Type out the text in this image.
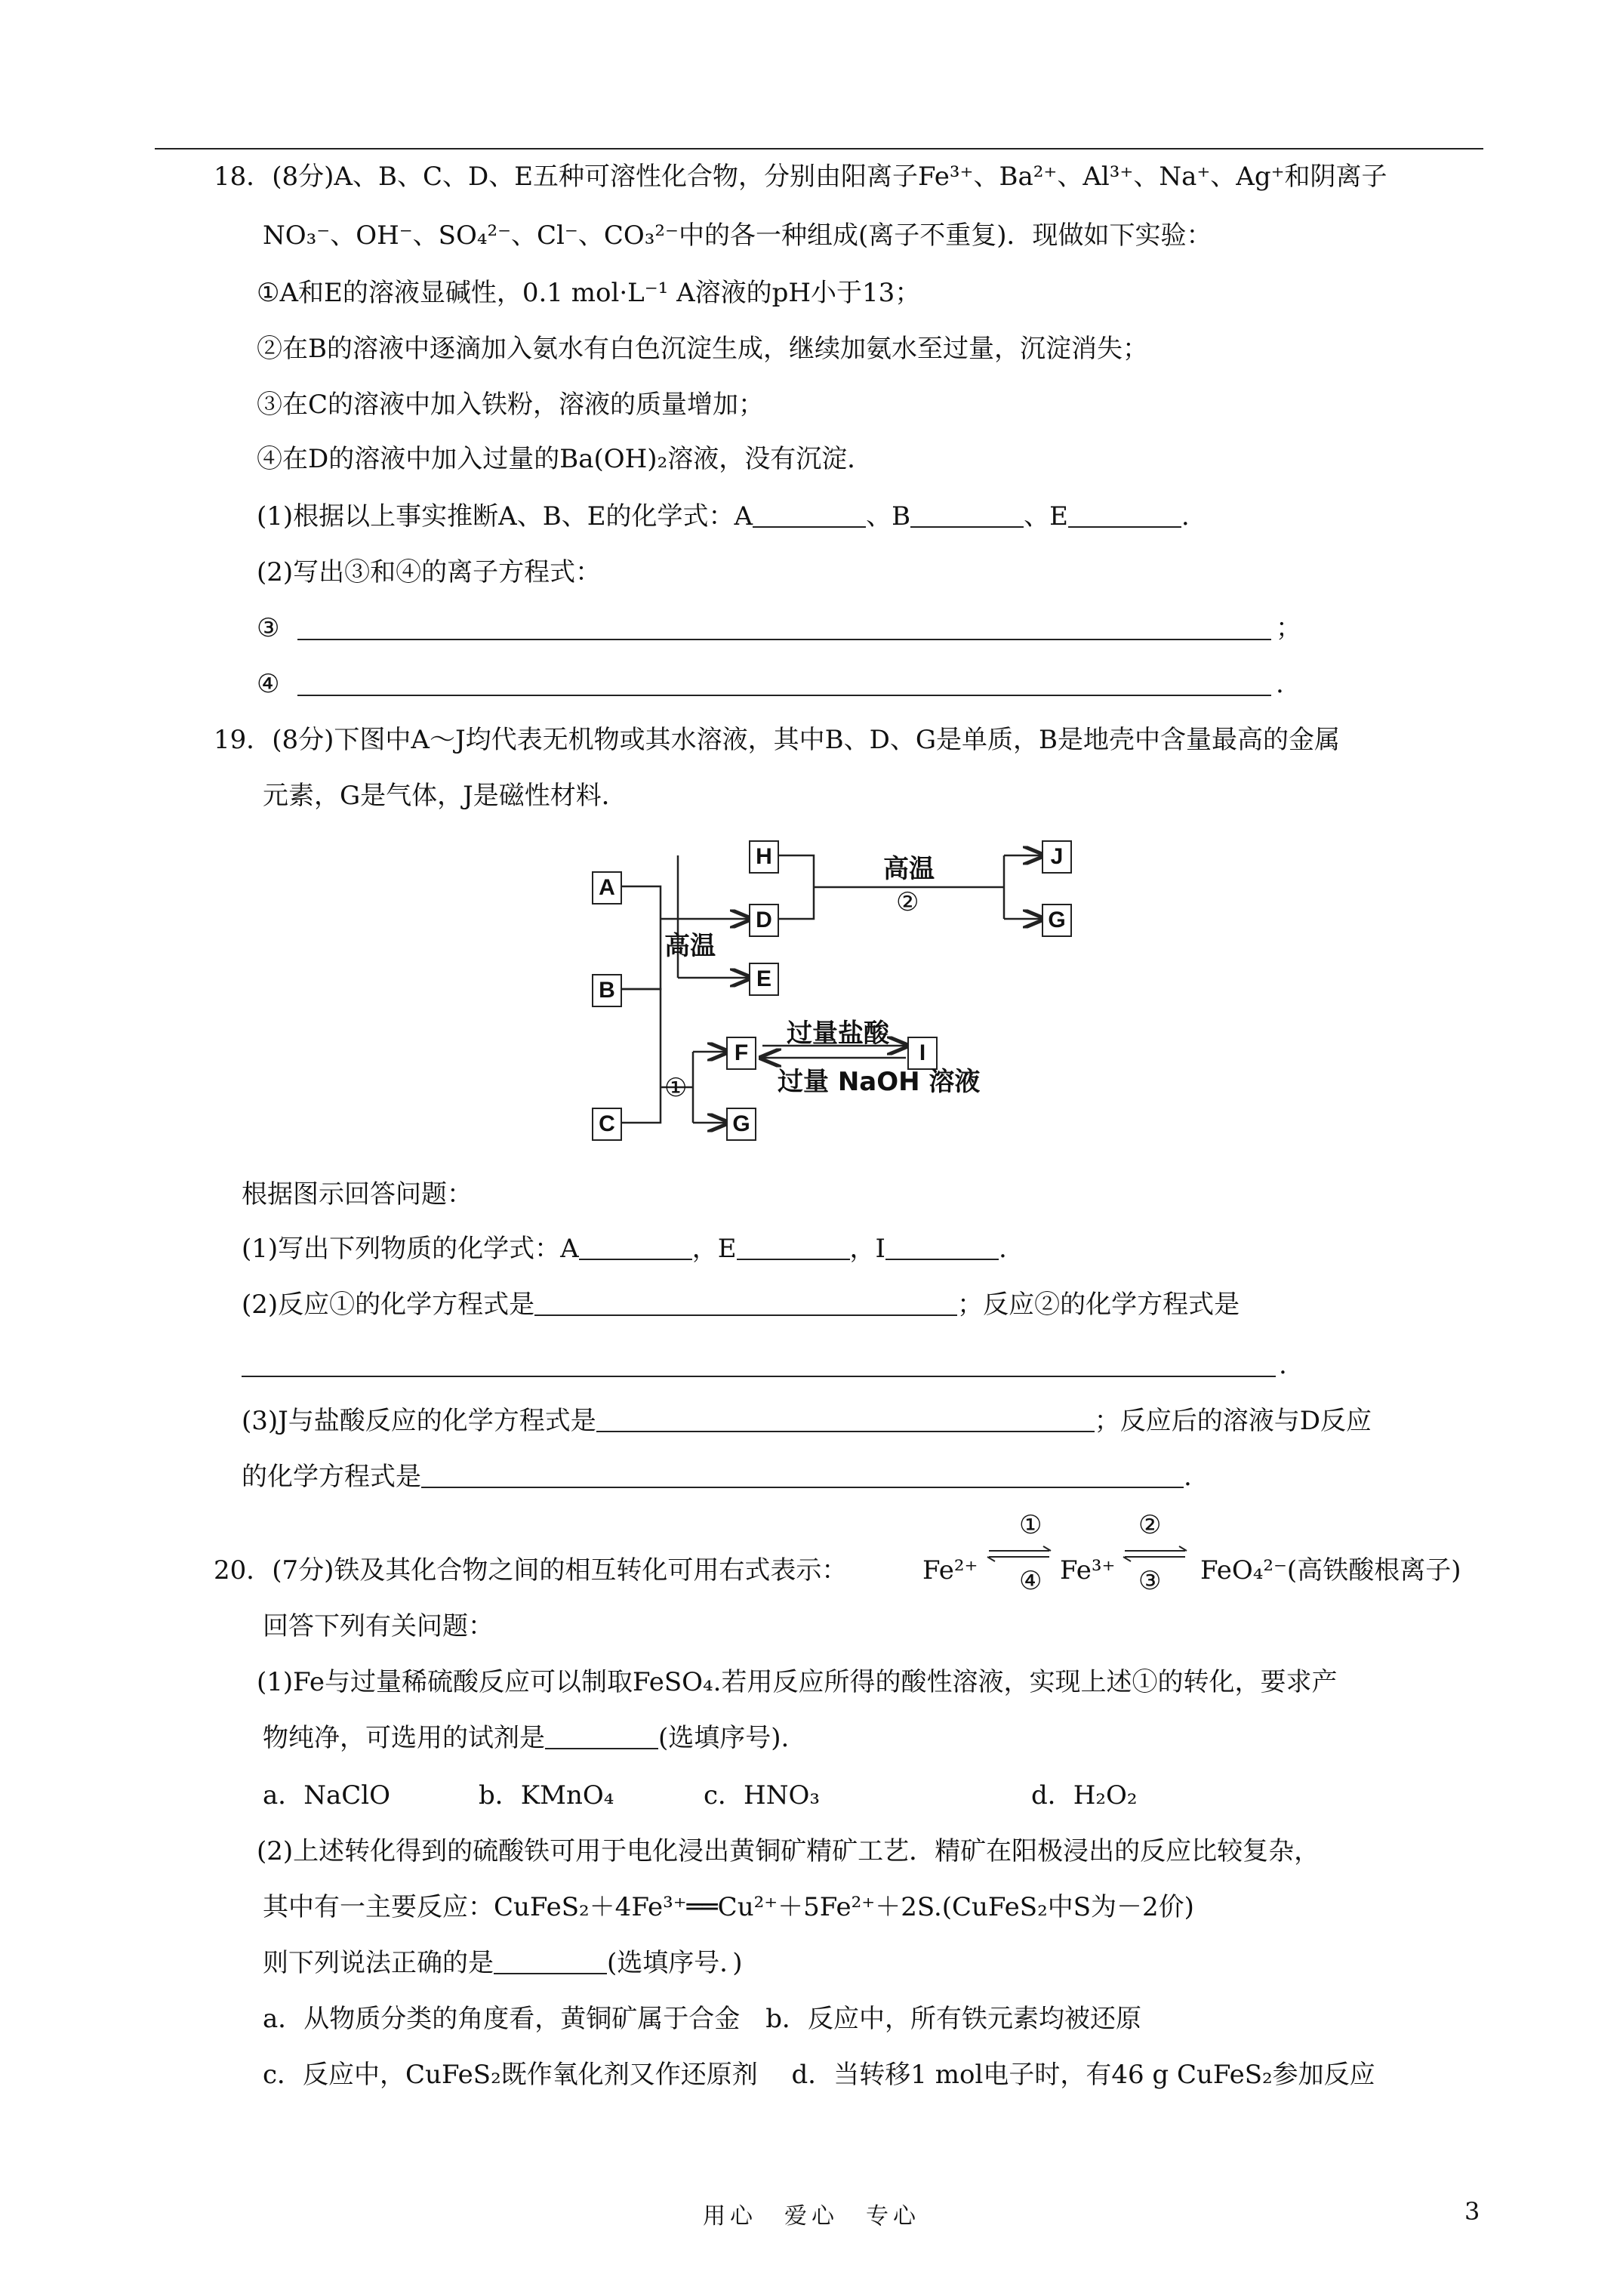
18．(8分)A、B、C、D、E五种可溶性化合物，分别由阳离子Fe³⁺、Ba²⁺、Al³⁺、Na⁺、Ag⁺和阴离子
NO₃⁻、OH⁻、SO₄²⁻、Cl⁻、CO₃²⁻中的各一种组成(离子不重复)．现做如下实验：
①A和E的溶液显碱性，0.1 mol·L⁻¹ A溶液的pH小于13；
②在B的溶液中逐滴加入氨水有白色沉淀生成，继续加氨水至过量，沉淀消失；
③在C的溶液中加入铁粉，溶液的质量增加；
④在D的溶液中加入过量的Ba(OH)₂溶液，没有沉淀．
(1)根据以上事实推断A、B、E的化学式：A	、B	、E	.
(2)写出③和④的离子方程式：
③	；
④	.
19．(8分)下图中A～J均代表无机物或其水溶液，其中B、D、G是单质，B是地壳中含量最高的金属
元素，G是气体，J是磁性材料．
A
B
C
H
D
E
J
G
F	I
G
高温
高温
②
①
过量盐酸
过量 NaOH 溶液
根据图示回答问题：
(1)写出下列物质的化学式：A	，E	，I	.
(2)反应①的化学方程式是	；反应②的化学方程式是
.
(3)J与盐酸反应的化学方程式是	；反应后的溶液与D反应
的化学方程式是	.
20．(7分)铁及其化合物之间的相互转化可用右式表示：	Fe²⁺
①
④ Fe³⁺
②
③ FeO₄²⁻(高铁酸根离子)
回答下列有关问题：
(1)Fe与过量稀硫酸反应可以制取FeSO₄.若用反应所得的酸性溶液，实现上述①的转化，要求产
物纯净，可选用的试剂是	(选填序号).
a．NaClO	b．KMnO₄	c．HNO₃	d．H₂O₂
(2)上述转化得到的硫酸铁可用于电化浸出黄铜矿精矿工艺．精矿在阳极浸出的反应比较复杂，
其中有一主要反应：CuFeS₂＋4Fe³⁺══Cu²⁺＋5Fe²⁺＋2S.(CuFeS₂中S为－2价)
则下列说法正确的是	(选填序号．)
a．从物质分类的角度看，黄铜矿属于合金　b．反应中，所有铁元素均被还原
c．反应中，CuFeS₂既作氧化剂又作还原剂　 d．当转移1 mol电子时，有46 g CuFeS₂参加反应
用心　爱心　专心	3
